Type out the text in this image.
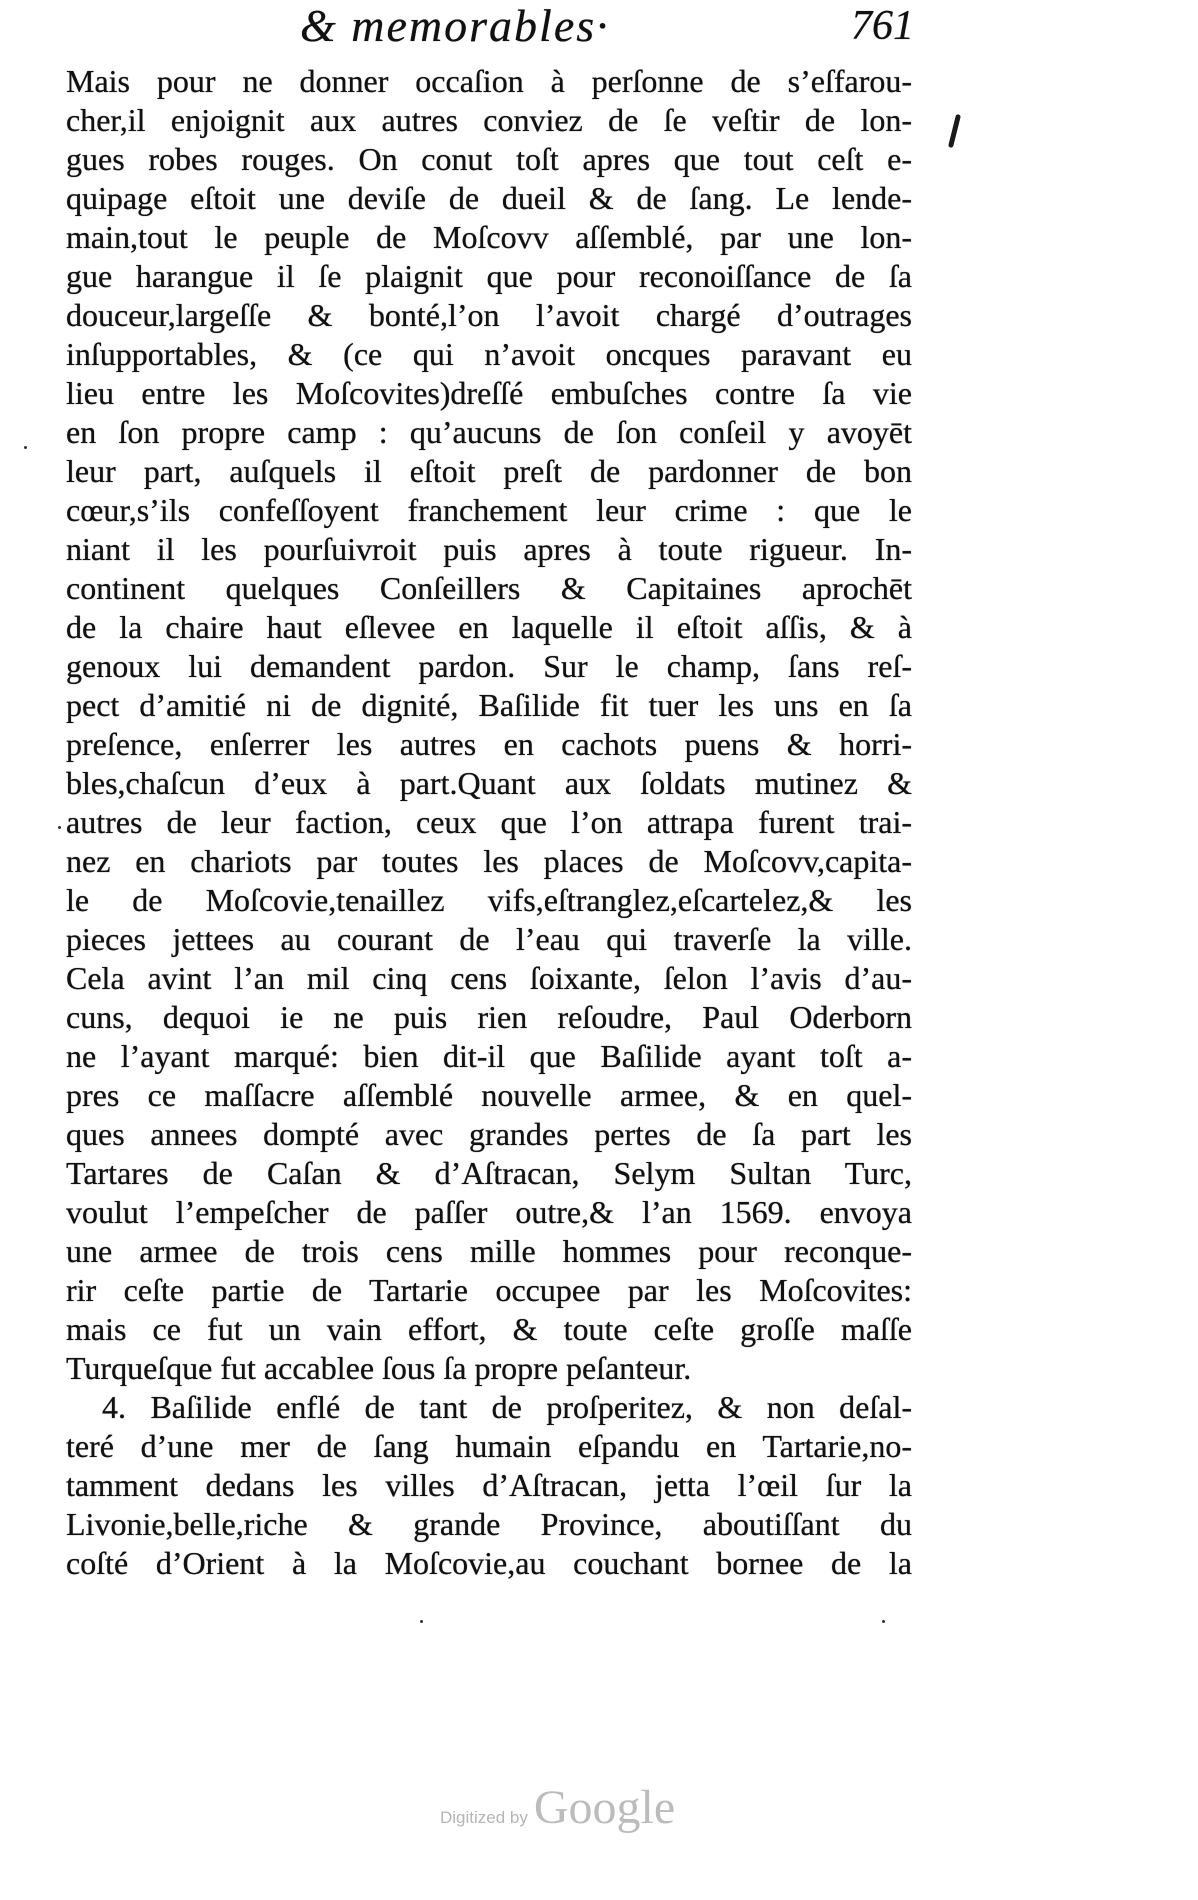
& memorables·	761
Mais pour ne donner occaſion à perſonne de s’eſfarou-
cher,il enjoignit aux autres conviez de ſe veſtir de lon-
gues robes rouges. On conut toſt apres que tout ceſt e-
quipage eſtoit une deviſe de dueil & de ſang. Le lende-
main,tout le peuple de Moſcovv aſſemblé, par une lon-
gue harangue il ſe plaignit que pour reconoiſſance de ſa
douceur,largeſſe & bonté,l’on l’avoit chargé d’outrages
inſupportables, & (ce qui n’avoit oncques paravant eu
lieu entre les Moſcovites)dreſſé embuſches contre ſa vie
en ſon propre camp : qu’aucuns de ſon conſeil y avoyēt
leur part, auſquels il eſtoit preſt de pardonner de bon
cœur,s’ils confeſſoyent franchement leur crime : que le
niant il les pourſuivroit puis apres à toute rigueur. In-
continent quelques Conſeillers & Capitaines aprochēt
de la chaire haut eſlevee en laquelle il eſtoit aſſis, & à
genoux lui demandent pardon. Sur le champ, ſans reſ-
pect d’amitié ni de dignité, Baſilide fit tuer les uns en ſa
preſence, enſerrer les autres en cachots puens & horri-
bles,chaſcun d’eux à part.Quant aux ſoldats mutinez &
autres de leur faction, ceux que l’on attrapa furent trai-
nez en chariots par toutes les places de Moſcovv,capita-
le de Moſcovie,tenaillez vifs,eſtranglez,eſcartelez,& les
pieces jettees au courant de l’eau qui traverſe la ville.
Cela avint l’an mil cinq cens ſoixante, ſelon l’avis d’au-
cuns, dequoi ie ne puis rien reſoudre, Paul Oderborn
ne l’ayant marqué: bien dit-il que Baſilide ayant toſt a-
pres ce maſſacre aſſemblé nouvelle armee, & en quel-
ques annees dompté avec grandes pertes de ſa part les
Tartares de Caſan & d’Aſtracan, Selym Sultan Turc,
voulut l’empeſcher de paſſer outre,& l’an 1569. envoya
une armee de trois cens mille hommes pour reconque-
rir ceſte partie de Tartarie occupee par les Moſcovites:
mais ce fut un vain effort, & toute ceſte groſſe maſſe
Turqueſque fut accablee ſous ſa propre peſanteur.
4. Baſilide enflé de tant de proſperitez, & non deſal-
teré d’une mer de ſang humain eſpandu en Tartarie,no-
tamment dedans les villes d’Aſtracan, jetta l’œil ſur la
Livonie,belle,riche & grande Province, aboutiſſant du
coſté d’Orient à la Moſcovie,au couchant bornee de la
Digitized by Google
